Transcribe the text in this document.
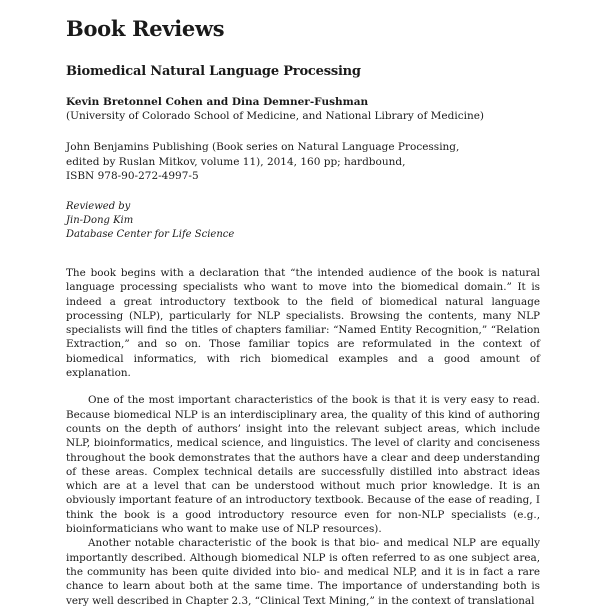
Book Reviews
Biomedical Natural Language Processing
Kevin Bretonnel Cohen and Dina Demner-Fushman
(University of Colorado School of Medicine, and National Library of Medicine)
John Benjamins Publishing (Book series on Natural Language Processing,
edited by Ruslan Mitkov, volume 11), 2014, 160 pp; hardbound,
ISBN 978-90-272-4997-5
Reviewed by
Jin-Dong Kim
Database Center for Life Science

The book begins with a declaration that “the intended audience of the book is natural language processing specialists who want to move into the biomedical domain.” It is indeed a great introductory textbook to the field of biomedical natural language processing (NLP), particularly for NLP specialists. Browsing the contents, many NLP specialists will find the titles of chapters familiar: “Named Entity Recognition,” “Relation Extraction,” and so on. Those familiar topics are reformulated in the context of biomedical informatics, with rich biomedical examples and a good amount of explanation.

One of the most important characteristics of the book is that it is very easy to read. Because biomedical NLP is an interdisciplinary area, the quality of this kind of authoring counts on the depth of authors’ insight into the relevant subject areas, which include NLP, bioinformatics, medical science, and linguistics. The level of clarity and conciseness throughout the book demonstrates that the authors have a clear and deep understanding of these areas. Complex technical details are successfully distilled into abstract ideas which are at a level that can be understood without much prior knowledge. It is an obviously important feature of an introductory textbook. Because of the ease of reading, I think the book is a good introductory resource even for non-NLP specialists (e.g., bioinformaticians who want to make use of NLP resources).

Another notable characteristic of the book is that bio- and medical NLP are equally importantly described. Although biomedical NLP is often referred to as one subject area, the community has been quite divided into bio- and medical NLP, and it is in fact a rare chance to learn about both at the same time. The importance of understanding both is very well described in Chapter 2.3, “Clinical Text Mining,” in the context of translational
